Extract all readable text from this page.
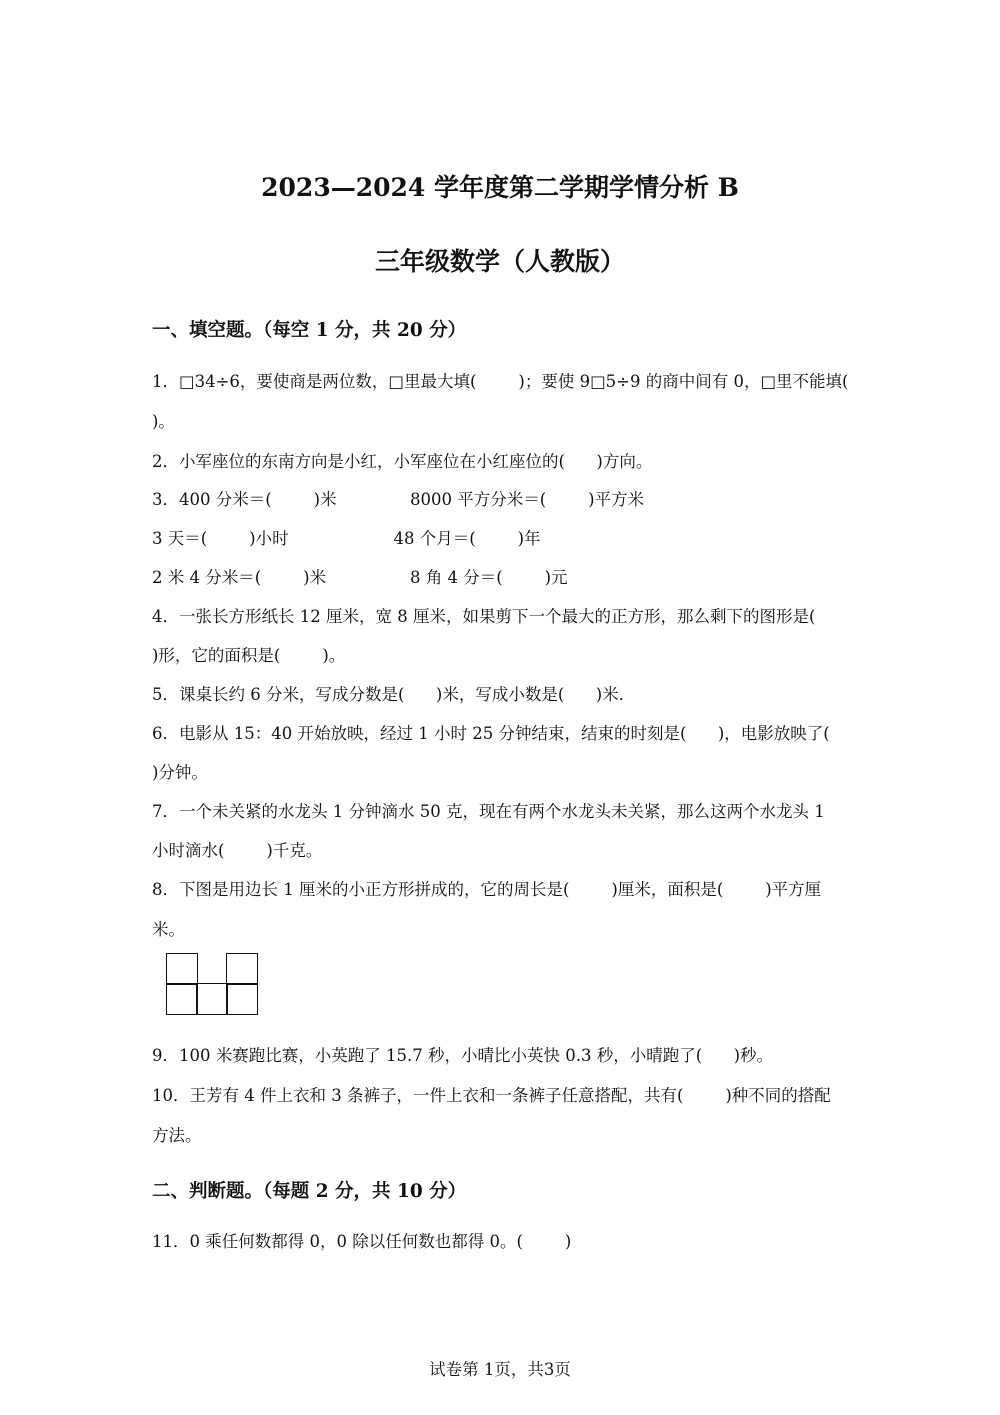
2023—2024 学年度第二学期学情分析 B
三年级数学（人教版）
一、填空题。（每空 1 分，共 20 分）
1．□34÷6，要使商是两位数，□里最大填(        )；要使 9□5÷9 的商中间有 0，□里不能填(
)。
2．小军座位的东南方向是小红，小军座位在小红座位的(      )方向。
3．400 分米＝(        )米              8000 平方分米＝(        )平方米
3 天＝(        )小时                    48 个月＝(        )年
2 米 4 分米＝(        )米                8 角 4 分＝(        )元
4．一张长方形纸长 12 厘米，宽 8 厘米，如果剪下一个最大的正方形，那么剩下的图形是(
)形，它的面积是(        )。
5．课桌长约 6 分米，写成分数是(      )米，写成小数是(      )米．
6．电影从 15：40 开始放映，经过 1 小时 25 分钟结束，结束的时刻是(      )，电影放映了(
)分钟。
7．一个未关紧的水龙头 1 分钟滴水 50 克，现在有两个水龙头未关紧，那么这两个水龙头 1
小时滴水(        )千克。
8．下图是用边长 1 厘米的小正方形拼成的，它的周长是(        )厘米，面积是(        )平方厘
米。
9．100 米赛跑比赛，小英跑了 15.7 秒，小晴比小英快 0.3 秒，小晴跑了(      )秒。
10．王芳有 4 件上衣和 3 条裤子，一件上衣和一条裤子任意搭配，共有(        )种不同的搭配
方法。
二、判断题。（每题 2 分，共 10 分）
11．0 乘任何数都得 0，0 除以任何数也都得 0。(        )
试卷第 1页，共3页
